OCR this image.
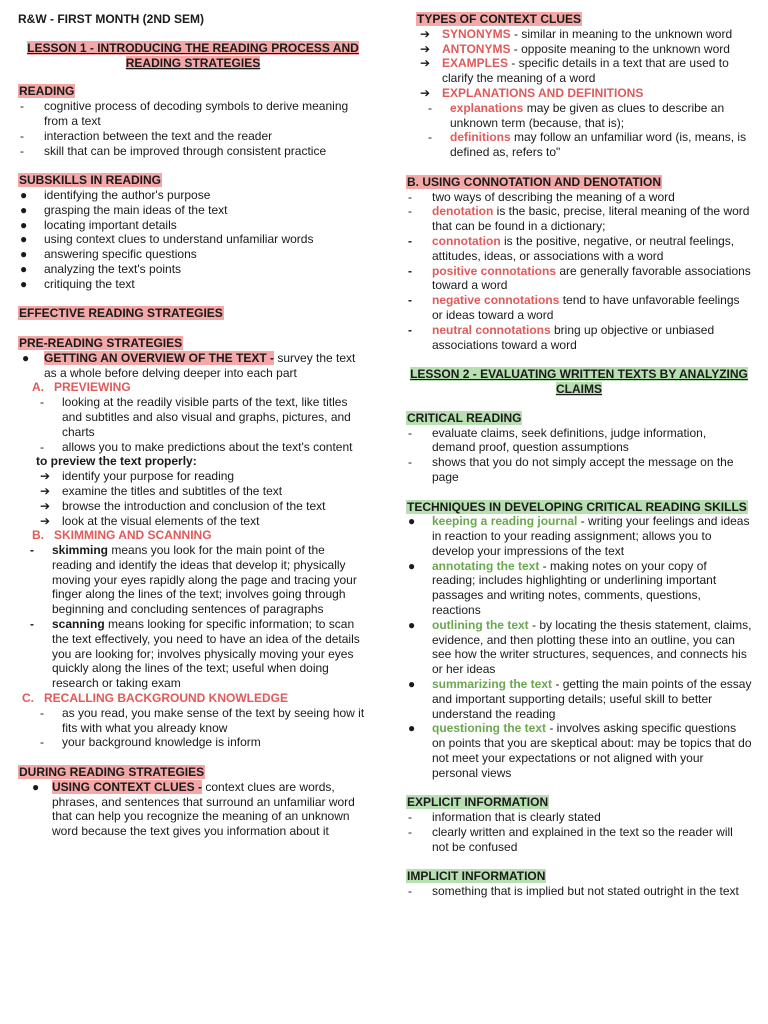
R&W - FIRST MONTH (2ND SEM)
LESSON 1 - INTRODUCING THE READING PROCESS AND READING STRATEGIES
READING
- cognitive process of decoding symbols to derive meaning from a text
- interaction between the text and the reader
- skill that can be improved through consistent practice
SUBSKILLS IN READING
● identifying the author's purpose
● grasping the main ideas of the text
● locating important details
● using context clues to understand unfamiliar words
● answering specific questions
● analyzing the text's points
● critiquing the text
EFFECTIVE READING STRATEGIES
PRE-READING STRATEGIES
● GETTING AN OVERVIEW OF THE TEXT - survey the text as a whole before delving deeper into each part
A. PREVIEWING
- looking at the readily visible parts of the text, like titles and subtitles and also visual and graphs, pictures, and charts
- allows you to make predictions about the text's content
to preview the text properly:
➔ identify your purpose for reading
➔ examine the titles and subtitles of the text
➔ browse the introduction and conclusion of the text
➔ look at the visual elements of the text
B. SKIMMING AND SCANNING
- skimming means you look for the main point of the reading and identify the ideas that develop it; physically moving your eyes rapidly along the page and tracing your finger along the lines of the text; involves going through beginning and concluding sentences of paragraphs
- scanning means looking for specific information; to scan the text effectively, you need to have an idea of the details you are looking for; involves physically moving your eyes quickly along the lines of the text; useful when doing research or taking exam
C. RECALLING BACKGROUND KNOWLEDGE
- as you read, you make sense of the text by seeing how it fits with what you already know
- your background knowledge is inform
DURING READING STRATEGIES
● USING CONTEXT CLUES - context clues are words, phrases, and sentences that surround an unfamiliar word that can help you recognize the meaning of an unknown word because the text gives you information about it
TYPES OF CONTEXT CLUES
➔ SYNONYMS - similar in meaning to the unknown word
➔ ANTONYMS - opposite meaning to the unknown word
➔ EXAMPLES - specific details in a text that are used to clarify the meaning of a word
➔ EXPLANATIONS AND DEFINITIONS
- explanations may be given as clues to describe an unknown term (because, that is);
- definitions may follow an unfamiliar word (is, means, is defined as, refers to"
B. USING CONNOTATION AND DENOTATION
- two ways of describing the meaning of a word
- denotation is the basic, precise, literal meaning of the word that can be found in a dictionary;
- connotation is the positive, negative, or neutral feelings, attitudes, ideas, or associations with a word
- positive connotations are generally favorable associations toward a word
- negative connotations tend to have unfavorable feelings or ideas toward a word
- neutral connotations bring up objective or unbiased associations toward a word
LESSON 2 - EVALUATING WRITTEN TEXTS BY ANALYZING CLAIMS
CRITICAL READING
- evaluate claims, seek definitions, judge information, demand proof, question assumptions
- shows that you do not simply accept the message on the page
TECHNIQUES IN DEVELOPING CRITICAL READING SKILLS
● keeping a reading journal - writing your feelings and ideas in reaction to your reading assignment; allows you to develop your impressions of the text
● annotating the text - making notes on your copy of reading; includes highlighting or underlining important passages and writing notes, comments, questions, reactions
● outlining the text - by locating the thesis statement, claims, evidence, and then plotting these into an outline, you can see how the writer structures, sequences, and connects his or her ideas
● summarizing the text - getting the main points of the essay and important supporting details; useful skill to better understand the reading
● questioning the text - involves asking specific questions on points that you are skeptical about: may be topics that do not meet your expectations or not aligned with your personal views
EXPLICIT INFORMATION
- information that is clearly stated
- clearly written and explained in the text so the reader will not be confused
IMPLICIT INFORMATION
- something that is implied but not stated outright in the text
